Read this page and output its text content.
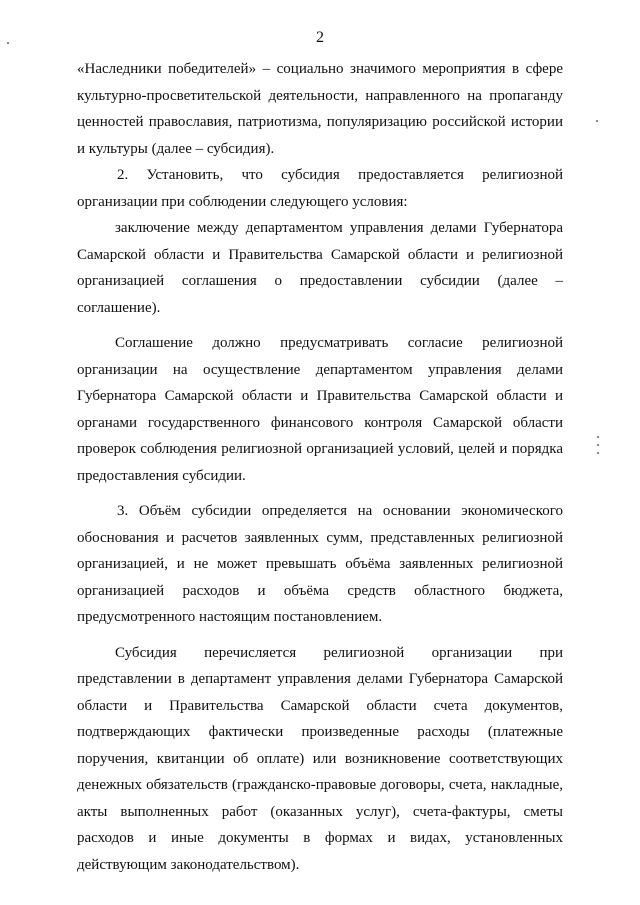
2

«Наследники победителей» – социально значимого мероприятия в сфере культурно-просветительской деятельности, направленного на пропаганду ценностей православия, патриотизма, популяризацию российской истории и культуры (далее – субсидия).

2. Установить, что субсидия предоставляется религиозной организации при соблюдении следующего условия:

заключение между департаментом управления делами Губернатора Самарской области и Правительства Самарской области и религиозной организацией соглашения о предоставлении субсидии (далее – соглашение).

Соглашение должно предусматривать согласие религиозной организации на осуществление департаментом управления делами Губернатора Самарской области и Правительства Самарской области и органами государственного финансового контроля Самарской области проверок соблюдения религиозной организацией условий, целей и порядка предоставления субсидии.

3. Объём субсидии определяется на основании экономического обоснования и расчетов заявленных сумм, представленных религиозной организацией, и не может превышать объёма заявленных религиозной организацией расходов и объёма средств областного бюджета, предусмотренного настоящим постановлением.

Субсидия перечисляется религиозной организации при представлении в департамент управления делами Губернатора Самарской области и Правительства Самарской области счета документов, подтверждающих фактически произведенные расходы (платежные поручения, квитанции об оплате) или возникновение соответствующих денежных обязательств (гражданско-правовые договоры, счета, накладные, акты выполненных работ (оказанных услуг), счета-фактуры, сметы расходов и иные документы в формах и видах, установленных действующим законодательством).
